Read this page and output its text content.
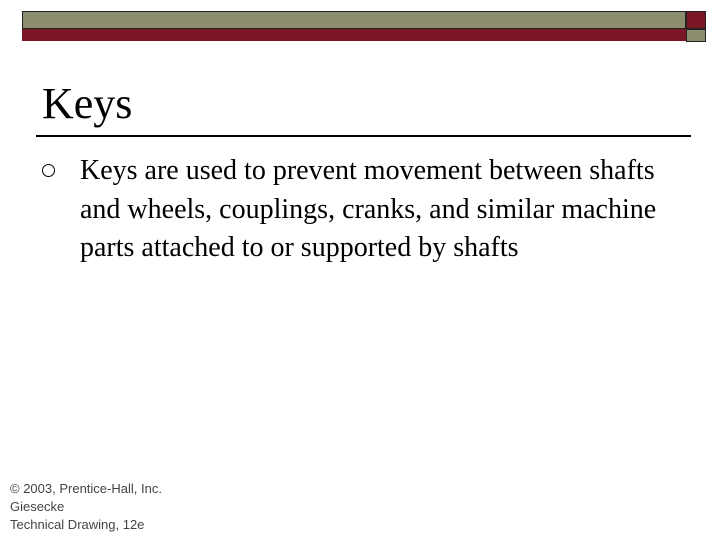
Keys
Keys are used to prevent movement between shafts and wheels, couplings, cranks, and similar machine parts attached to or supported by shafts
© 2003, Prentice-Hall, Inc.
Giesecke
Technical Drawing, 12e
